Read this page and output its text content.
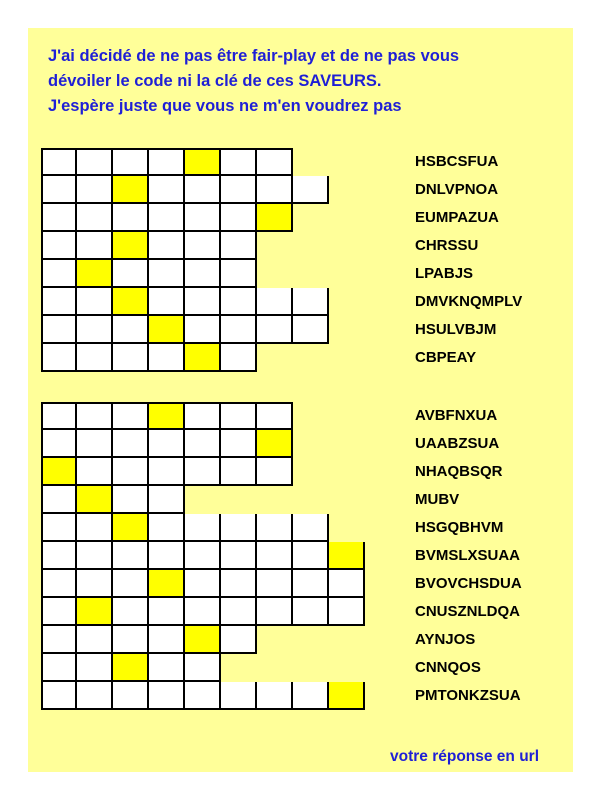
J'ai décidé de ne pas être fair-play et de ne pas vous
dévoiler le code ni la clé de ces SAVEURS.
J'espère juste que vous ne m'en voudrez pas

HSBCSFUA
DNLVPNOA
EUMPAZUA
CHRSSU
LPABJS
DMVKNQMPLV
HSULVBJM
CBPEAY
AVBFNXUA
UAABZSUA
NHAQBSQR
MUBV
HSGQBHVM
BVMSLXSUAA
BVOVCHSDUA
CNUSZNLDQA
AYNJOS
CNNQOS
PMTONKZSUA
votre réponse en url
